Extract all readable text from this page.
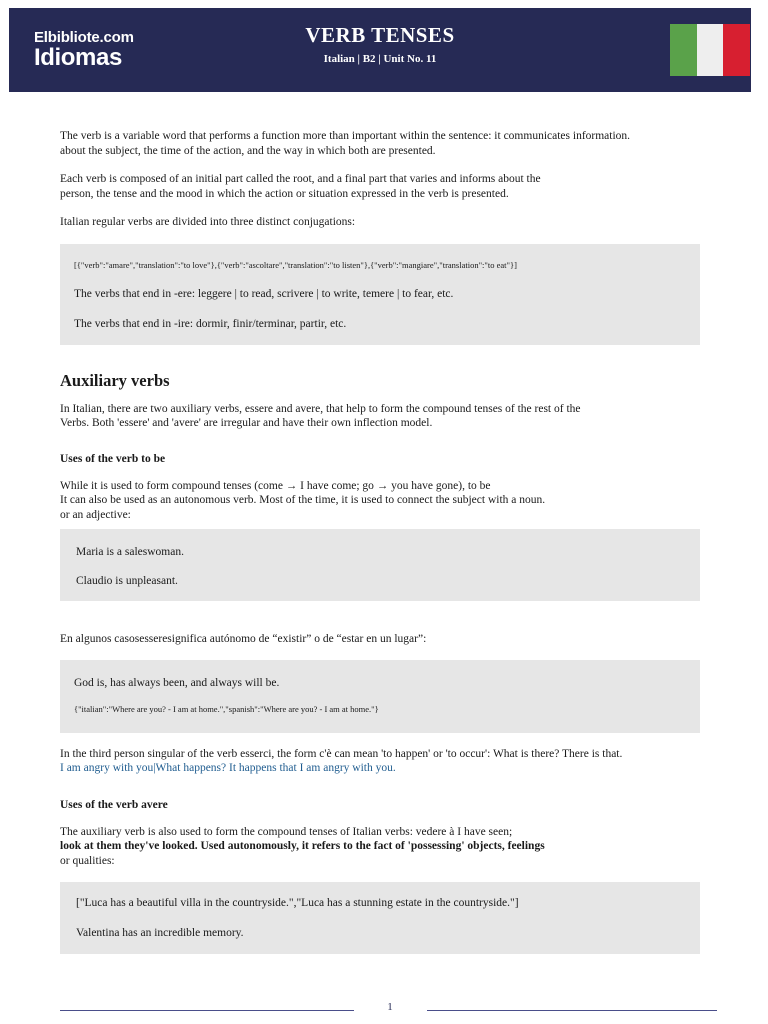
Elbibliote.com
Idiomas
VERB TENSES
Italian | B2 | Unit No. 11

The verb is a variable word that performs a function more than important within the sentence: it communicates information.
about the subject, the time of the action, and the way in which both are presented.

Each verb is composed of an initial part called the root, and a final part that varies and informs about the
person, the tense and the mood in which the action or situation expressed in the verb is presented.

Italian regular verbs are divided into three distinct conjugations:

[{"verb":"amare","translation":"to love"},{"verb":"ascoltare","translation":"to listen"},{"verb":"mangiare","translation":"to eat"}]

The verbs that end in -ere: leggere | to read, scrivere | to write, temere | to fear, etc.

The verbs that end in -ire: dormir, finir/terminar, partir, etc.

Auxiliary verbs

In Italian, there are two auxiliary verbs, essere and avere, that help to form the compound tenses of the rest of the
Verbs. Both 'essere' and 'avere' are irregular and have their own inflection model.

Uses of the verb to be

While it is used to form compound tenses (come → I have come; go → you have gone), to be
It can also be used as an autonomous verb. Most of the time, it is used to connect the subject with a noun.
or an adjective:

Maria is a saleswoman.

Claudio is unpleasant.

En algunos casosesseresignifica autónomo de “existir” o de “estar en un lugar”:

God is, has always been, and always will be.

{"italian":"Where are you? - I am at home.","spanish":"Where are you? - I am at home."}

In the third person singular of the verb esserci, the form c'è can mean 'to happen' or 'to occur': What is there? There is that.
I am angry with you|What happens? It happens that I am angry with you.

Uses of the verb avere

The auxiliary verb is also used to form the compound tenses of Italian verbs: vedere à I have seen;
look at them they've looked. Used autonomously, it refers to the fact of 'possessing' objects, feelings
or qualities:

["Luca has a beautiful villa in the countryside.","Luca has a stunning estate in the countryside."]

Valentina has an incredible memory.

1
